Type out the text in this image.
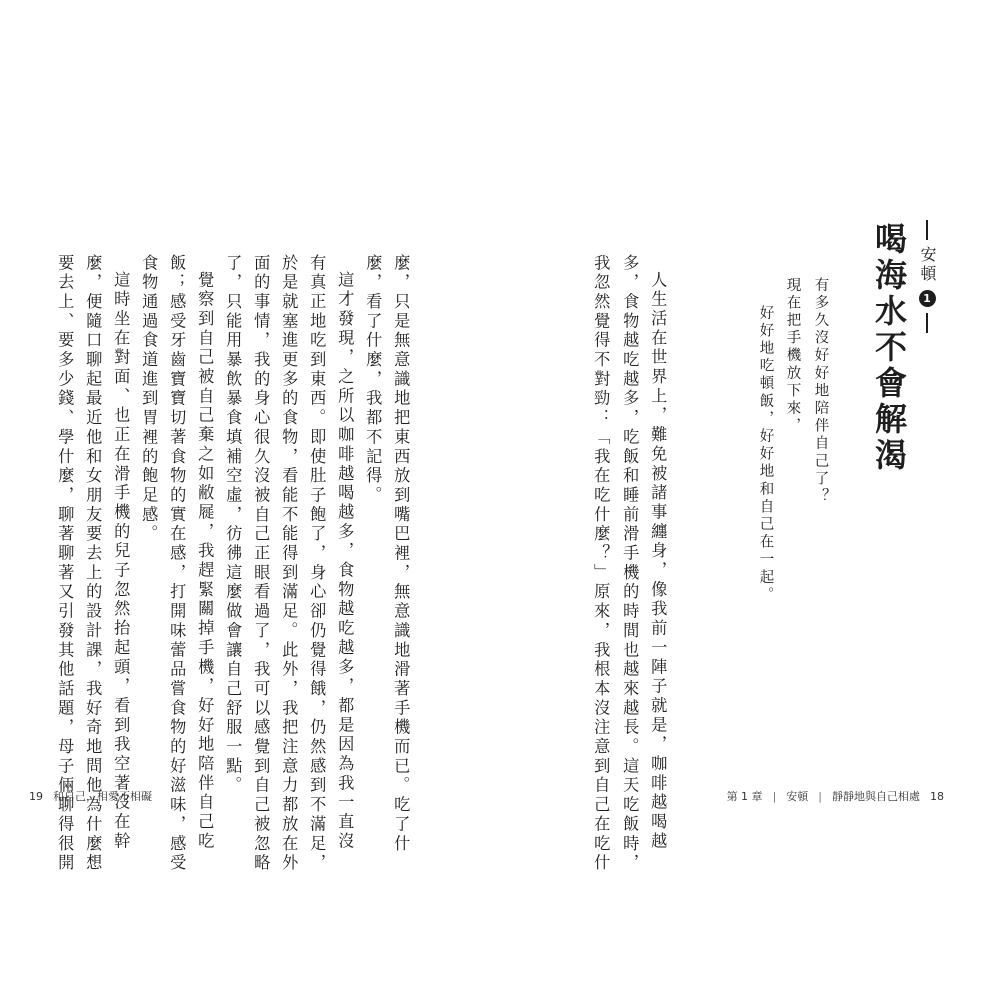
安頓
1
喝海水不會解渴
有多久沒好好地陪伴自己了？
現在把手機放下來，
好好地吃頓飯，好好地和自己在一起。
人生活在世界上，難免被諸事纏身，像我前一陣子就是，咖啡越喝越
多，食物越吃越多，吃飯和睡前滑手機的時間也越來越長。這天吃飯時，
我忽然覺得不對勁：「我在吃什麼？」原來，我根本沒注意到自己在吃什	第 1 章 | 安頓 | 靜靜地與自己相處 18
麼，只是無意識地把東西放到嘴巴裡，無意識地滑著手機而已。吃了什
麼，看了什麼，我都不記得。
這才發現，之所以咖啡越喝越多，食物越吃越多，都是因為我一直沒
有真正地吃到東西。即使肚子飽了，身心卻仍覺得餓，仍然感到不滿足，
於是就塞進更多的食物，看能不能得到滿足。此外，我把注意力都放在外
面的事情，我的身心很久沒被自己正眼看過了，我可以感覺到自己被忽略
了，只能用暴飲暴食填補空虛，彷彿這麼做會讓自己舒服一點。
覺察到自己被自己棄之如敝屣，我趕緊關掉手機，好好地陪伴自己吃
飯；感受牙齒寶寶切著食物的實在感，打開味蕾品嘗食物的好滋味，感受
食物通過食道進到胃裡的飽足感。
這時坐在對面、也正在滑手機的兒子忽然抬起頭，看到我空著沒在幹
麼，便隨口聊起最近他和女朋友要去上的設計課，我好奇地問他為什麼想
要去上、要多少錢、學什麼，聊著聊著又引發其他話題，母子倆聊得很開
19 和自己，相愛不相礙
